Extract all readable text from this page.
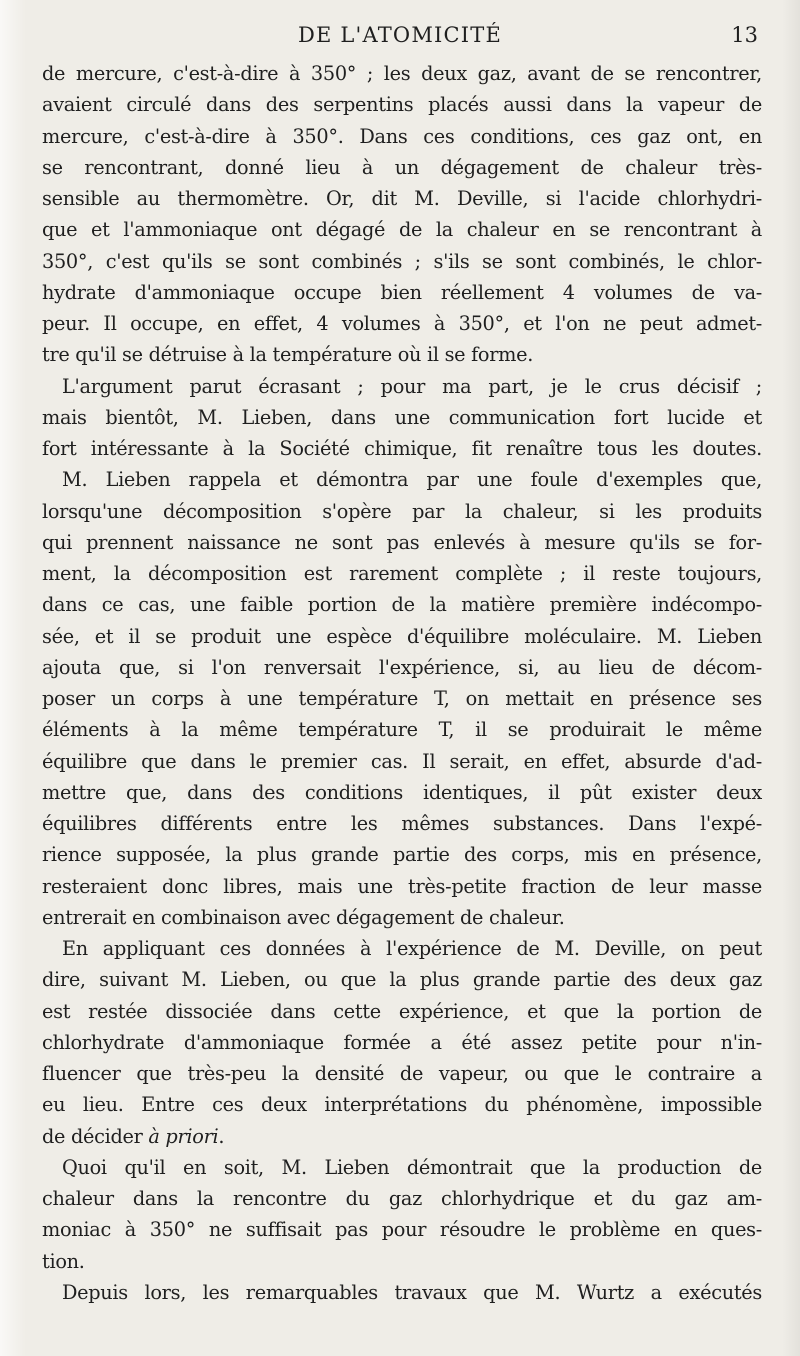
DE L'ATOMICITÉ	13
de mercure, c'est-à-dire à 350° ; les deux gaz, avant de se rencontrer,
avaient circulé dans des serpentins placés aussi dans la vapeur de
mercure, c'est-à-dire à 350°. Dans ces conditions, ces gaz ont, en
se rencontrant, donné lieu à un dégagement de chaleur très-
sensible au thermomètre. Or, dit M. Deville, si l'acide chlorhydri-
que et l'ammoniaque ont dégagé de la chaleur en se rencontrant à
350°, c'est qu'ils se sont combinés ; s'ils se sont combinés, le chlor-
hydrate d'ammoniaque occupe bien réellement 4 volumes de va-
peur. Il occupe, en effet, 4 volumes à 350°, et l'on ne peut admet-
tre qu'il se détruise à la température où il se forme.
L'argument parut écrasant ; pour ma part, je le crus décisif ;
mais bientôt, M. Lieben, dans une communication fort lucide et
fort intéressante à la Société chimique, fit renaître tous les doutes.
M. Lieben rappela et démontra par une foule d'exemples que,
lorsqu'une décomposition s'opère par la chaleur, si les produits
qui prennent naissance ne sont pas enlevés à mesure qu'ils se for-
ment, la décomposition est rarement complète ; il reste toujours,
dans ce cas, une faible portion de la matière première indécompo-
sée, et il se produit une espèce d'équilibre moléculaire. M. Lieben
ajouta que, si l'on renversait l'expérience, si, au lieu de décom-
poser un corps à une température T, on mettait en présence ses
éléments à la même température T, il se produirait le même
équilibre que dans le premier cas. Il serait, en effet, absurde d'ad-
mettre que, dans des conditions identiques, il pût exister deux
équilibres différents entre les mêmes substances. Dans l'expé-
rience supposée, la plus grande partie des corps, mis en présence,
resteraient donc libres, mais une très-petite fraction de leur masse
entrerait en combinaison avec dégagement de chaleur.
En appliquant ces données à l'expérience de M. Deville, on peut
dire, suivant M. Lieben, ou que la plus grande partie des deux gaz
est restée dissociée dans cette expérience, et que la portion de
chlorhydrate d'ammoniaque formée a été assez petite pour n'in-
fluencer que très-peu la densité de vapeur, ou que le contraire a
eu lieu. Entre ces deux interprétations du phénomène, impossible
de décider à priori.
Quoi qu'il en soit, M. Lieben démontrait que la production de
chaleur dans la rencontre du gaz chlorhydrique et du gaz am-
moniac à 350° ne suffisait pas pour résoudre le problème en ques-
tion.
Depuis lors, les remarquables travaux que M. Wurtz a exécutés
